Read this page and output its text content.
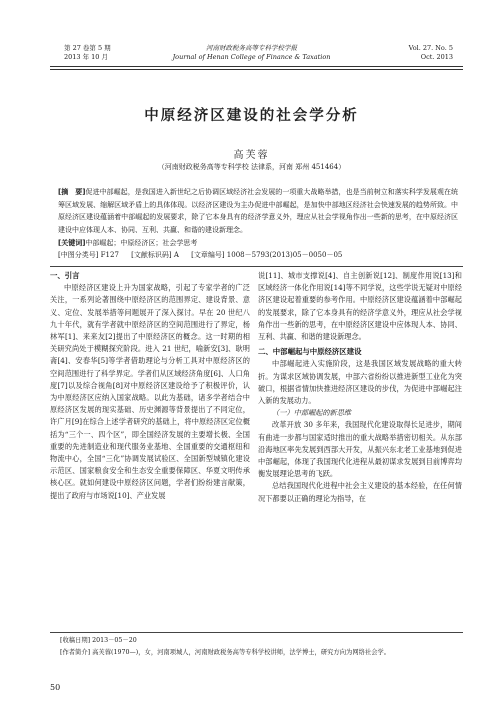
第 27 卷第 5 期
2013 年 10 月
河南财政税务高等专科学校学报
Journal of Henan College of Finance & Taxation
Vol. 27. No. 5
Oct. 2013
中原经济区建设的社会学分析
高芙蓉
（河南财政税务高等专科学校 法律系，河南 郑州 451464）
[摘　要]促进中部崛起，是我国进入新世纪之后协调区域经济社会发展的一项重大战略举措，也是当前树立和落实科学发展观在统筹区域发展、缩解区域矛盾上的具体体现。以经济区建设为主办促进中部崛起，是加快中部地区经济社会快速发展的趋势所致。中原经济区建设蕴涵着中部崛起的发展要求，除了它本身具有的经济学意义外，理应从社会学视角作出一些新的思考，在中原经济区建设中应体现人本、协同、互利、共赢、和谐的建设新理念。
[关键词]中部崛起；中原经济区；社会学思考
[中图分类号] F127 [文献标识码] A [文章编号] 1008－5793(2013)05－0050－05

一、引言

中原经济区建设上升为国家战略，引起了专家学者的广泛关注，一系列论著围绕中原经济区的范围界定、建设背景、意义、定位、发展举措等问题展开了深入探讨。早在 20 世纪八九十年代，就有学者就中原经济区的空间范围进行了界定，杨林军[1]、来来友[2]提出了中原经济区的概念。这一时期的相关研究尚处于模糊探究阶段。进入 21 世纪，喻新安[3]、耿明斋[4]、安春华[5]等学者借助理论与分析工具对中原经济区的空间范围进行了科学界定。学者们从区域经济角度[6]、人口角度[7]以及综合视角[8]对中原经济区建设给予了积极评价，认为中原经济区应纳入国家战略。以此为基础，诸多学者结合中原经济区发展的现实基础、历史渊源等背景提出了不同定位，许广月[9]在综合上述学者研究的基础上，将中原经济区定位概括为“三个一、四个区”，即全国经济发展的主要增长极、全国重要的先进制造业和现代服务业基地、全国重要的交通枢纽和物流中心，全国“三化”协调发展试验区、全国新型城镇化建设示范区、国家粮食安全和生态安全重要保障区、华夏文明传承核心区。就如何建设中原经济区问题，学者们纷纷建言献策，提出了政府与市场说[10]、产业发展

说[11]、城市支撑说[4]、自主创新说[12]、制度作用说[13]和区域经济一体化作用说[14]等不同学说，这些学说无疑对中原经济区建设起着重要的参考作用。中原经济区建设蕴涵着中部崛起的发展要求，除了它本身具有的经济学意义外，理应从社会学视角作出一些新的思考，在中原经济区建设中应体现人本、协同、互利、共赢、和谐的建设新理念。

二、中部崛起与中原经济区建设

中部崛起进入实施阶段，这是我国区域发展战略的重大转折。为谋求区域协调发展，中部六省纷纷以推进新型工业化为突破口，根据省情加快推进经济区建设的步伐，为促进中部崛起注入新的发展动力。

（一）中部崛起的新思维

改革开放 30 多年来，我国现代化建设取得长足进步，期间有曲进一步都与国家适时推出的重大战略举措密切相关。从东部沿海地区率先发展到西部大开发，从振兴东北老工业基地到促进中部崛起，体现了我国现代化进程从最初谋求发展到目前博弈均衡发展理论思考的飞跃。

总结我国现代化进程中社会主义建设的基本经验，在任何情况下都要以正确的理论为指导，在

[收稿日期] 2013－05－20
[作者简介] 高芙蓉(1970—)，女，河南项城人，河南财政税务高等专科学校讲师，法学博士，研究方向为网络社会学。
50
